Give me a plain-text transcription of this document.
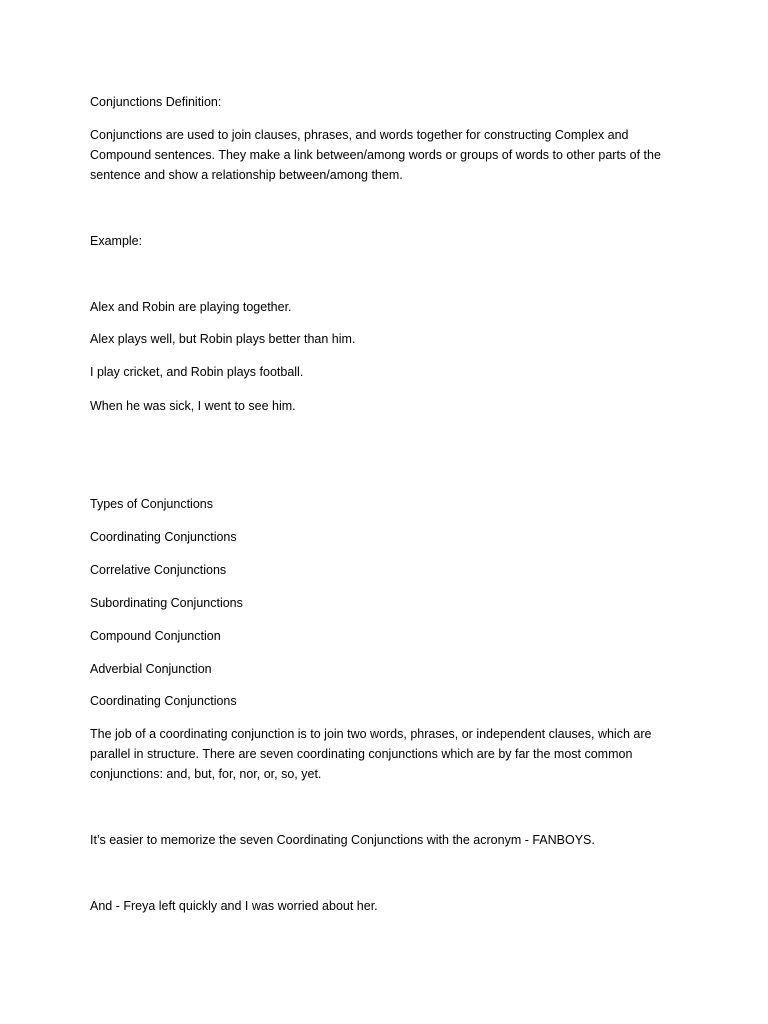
Conjunctions Definition:
Conjunctions are used to join clauses, phrases, and words together for constructing Complex and
Compound sentences. They make a link between/among words or groups of words to other parts of the
sentence and show a relationship between/among them.
Example:
Alex and Robin are playing together.
Alex plays well, but Robin plays better than him.
I play cricket, and Robin plays football.
When he was sick, I went to see him.
Types of Conjunctions
Coordinating Conjunctions
Correlative Conjunctions
Subordinating Conjunctions
Compound Conjunction
Adverbial Conjunction
Coordinating Conjunctions
The job of a coordinating conjunction is to join two words, phrases, or independent clauses, which are
parallel in structure. There are seven coordinating conjunctions which are by far the most common
conjunctions: and, but, for, nor, or, so, yet.
It’s easier to memorize the seven Coordinating Conjunctions with the acronym - FANBOYS.
And - Freya left quickly and I was worried about her.
